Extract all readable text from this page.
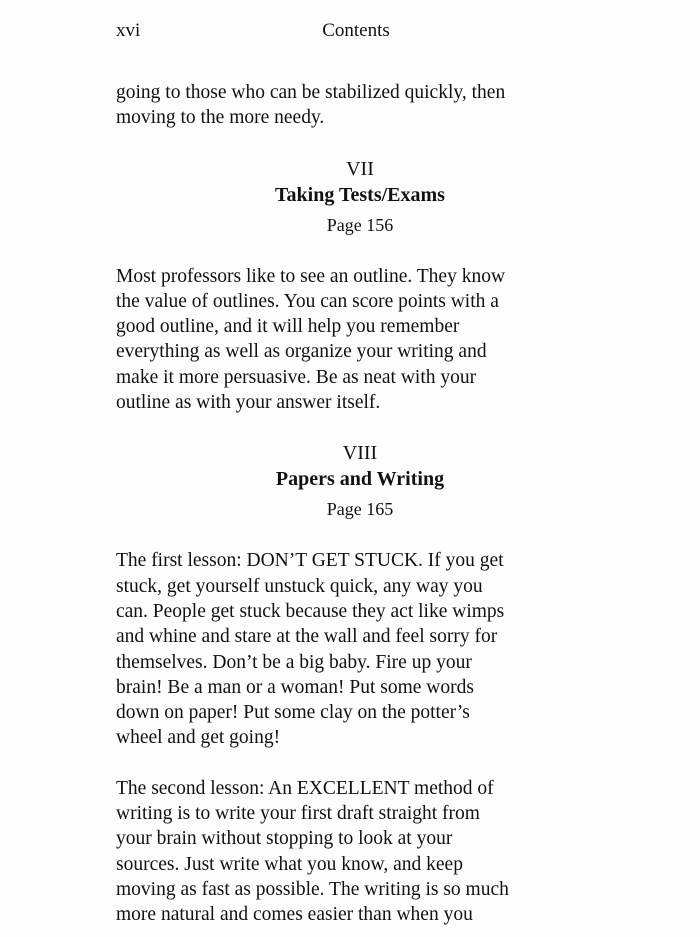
xvi	Contents

going to those who can be stabilized quickly, then
moving to the more needy.

VII
Taking Tests/Exams
Page 156

Most professors like to see an outline. They know
the value of outlines. You can score points with a
good outline, and it will help you remember
everything as well as organize your writing and
make it more persuasive. Be as neat with your
outline as with your answer itself.

VIII
Papers and Writing
Page 165

The first lesson: DON’T GET STUCK. If you get
stuck, get yourself unstuck quick, any way you
can. People get stuck because they act like wimps
and whine and stare at the wall and feel sorry for
themselves. Don’t be a big baby. Fire up your
brain! Be a man or a woman! Put some words
down on paper! Put some clay on the potter’s
wheel and get going!

The second lesson: An EXCELLENT method of
writing is to write your first draft straight from
your brain without stopping to look at your
sources. Just write what you know, and keep
moving as fast as possible. The writing is so much
more natural and comes easier than when you
